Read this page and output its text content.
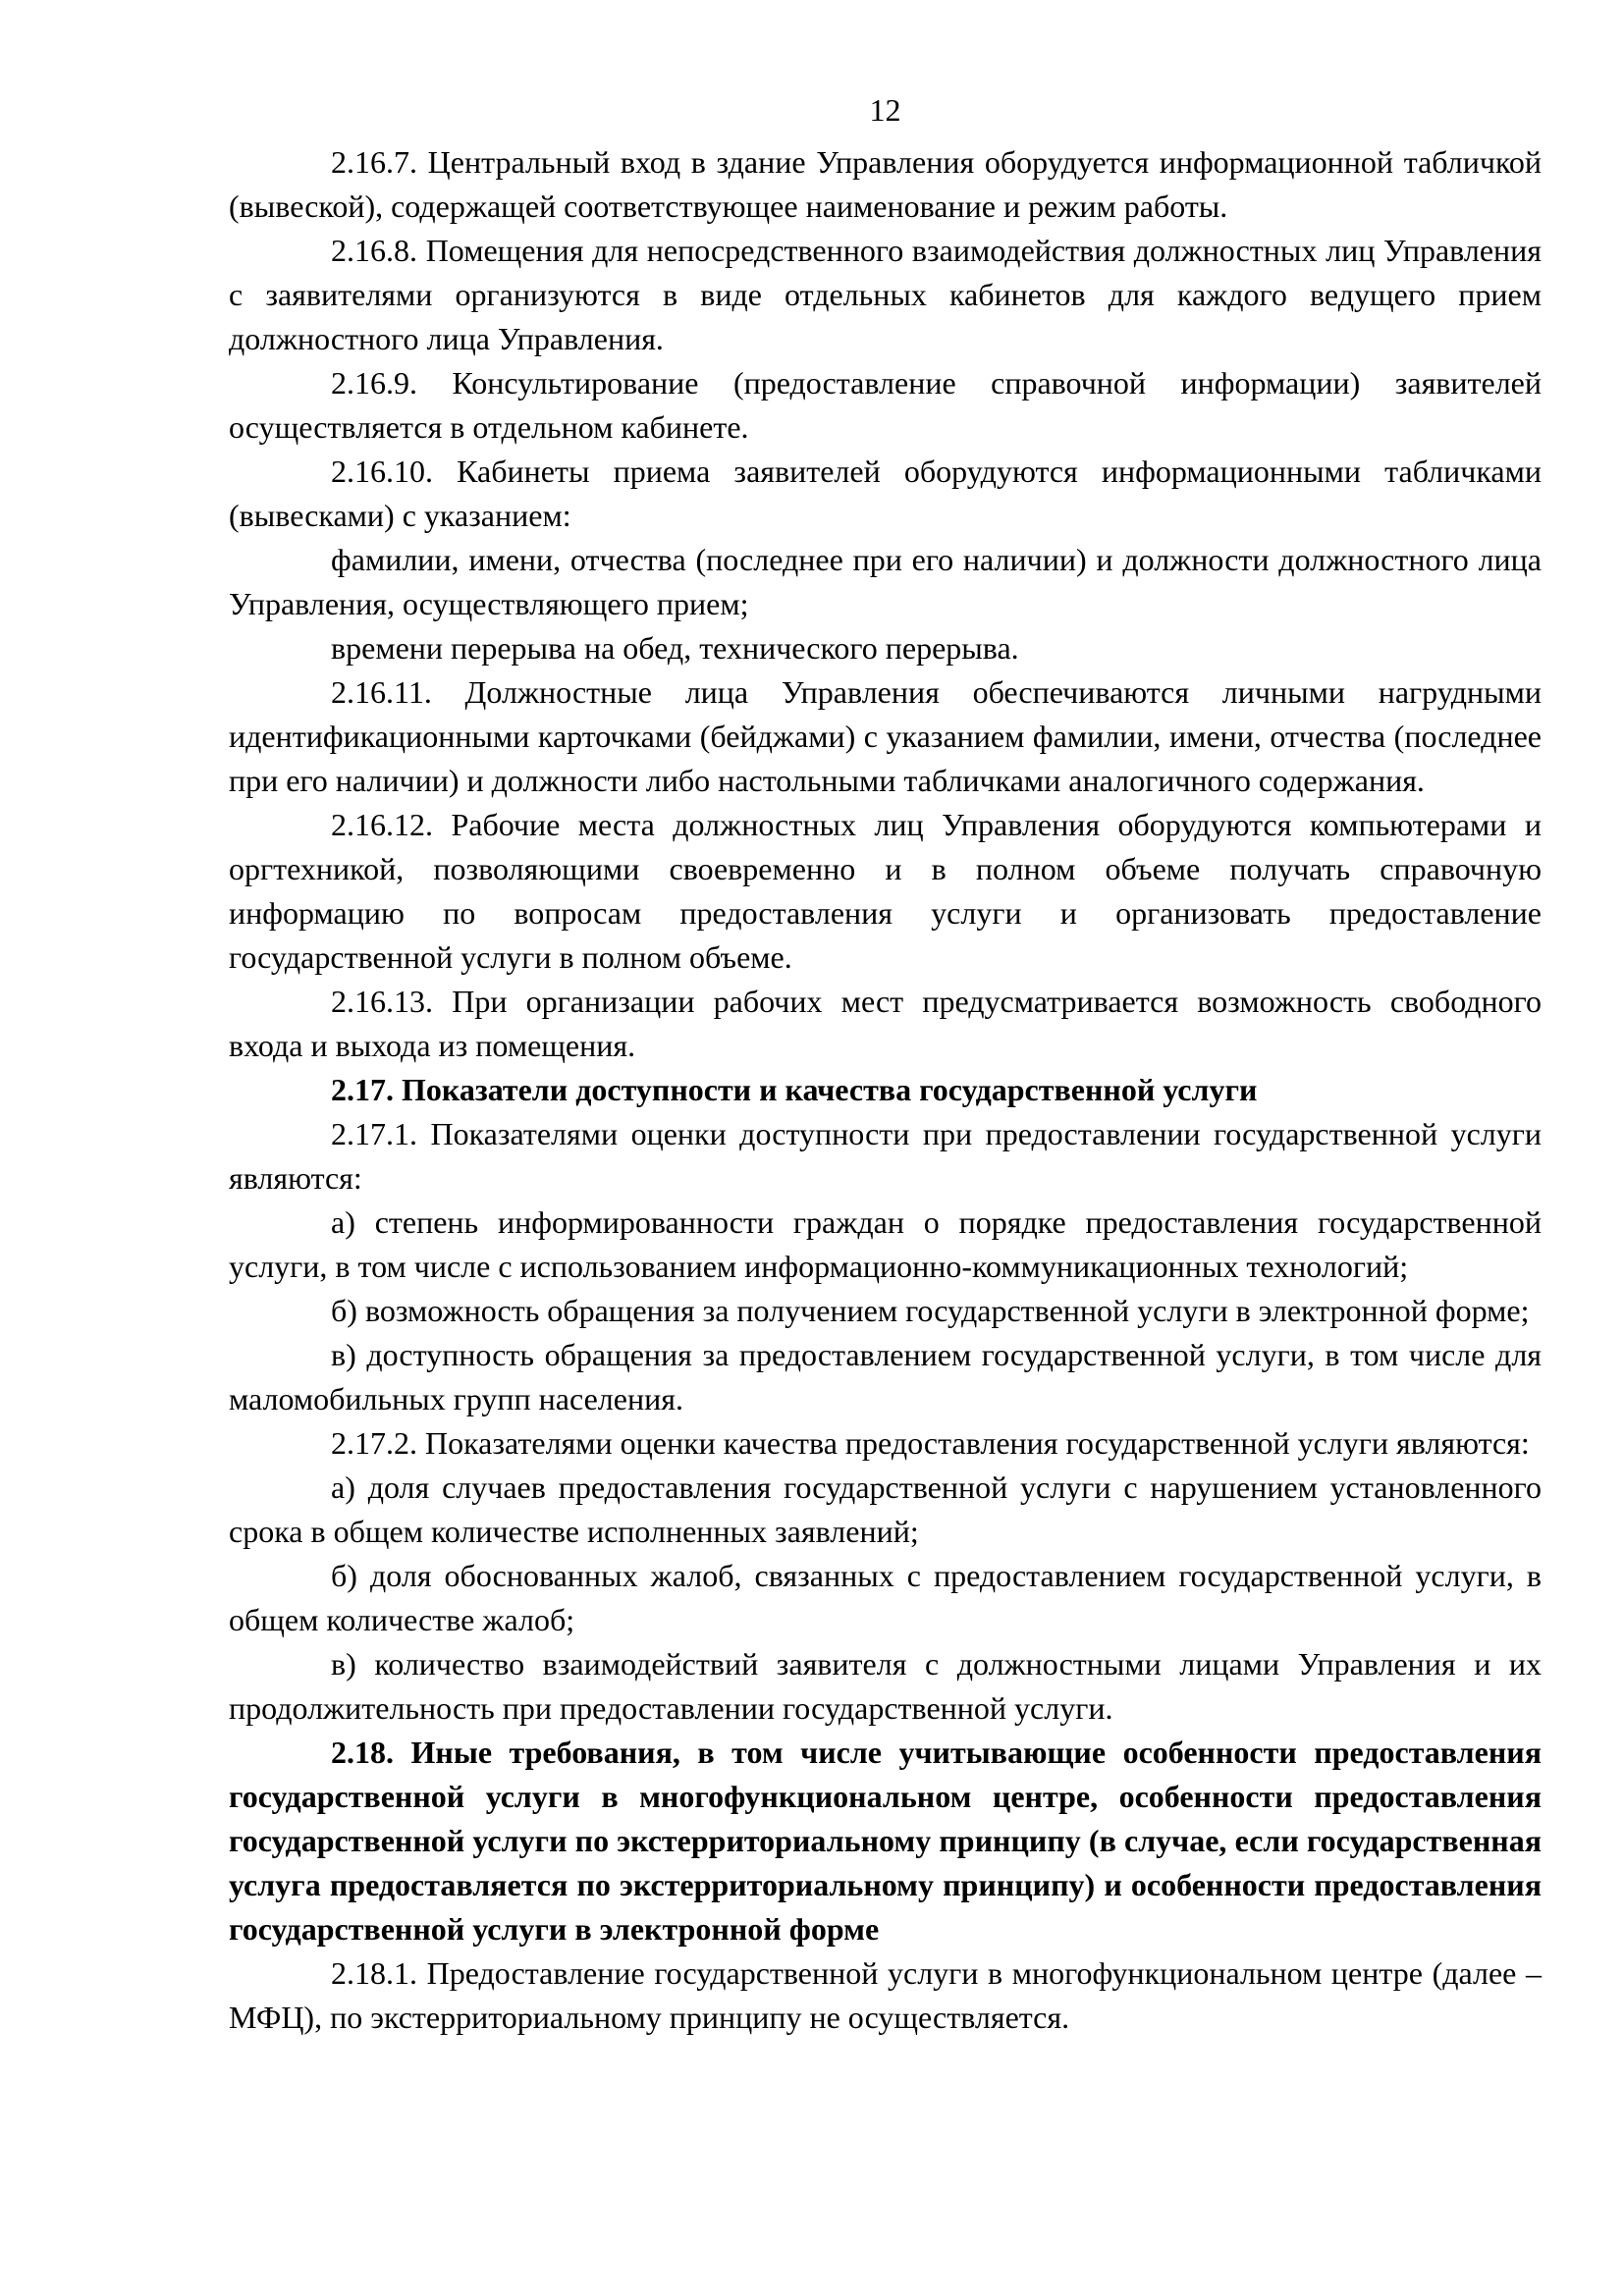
12

2.16.7. Центральный вход в здание Управления оборудуется информационной табличкой (вывеской), содержащей соответствующее наименование и режим работы.

2.16.8. Помещения для непосредственного взаимодействия должностных лиц Управления с заявителями организуются в виде отдельных кабинетов для каждого ведущего прием должностного лица Управления.

2.16.9. Консультирование (предоставление справочной информации) заявителей осуществляется в отдельном кабинете.

2.16.10. Кабинеты приема заявителей оборудуются информационными табличками (вывесками) с указанием:

фамилии, имени, отчества (последнее при его наличии) и должности должностного лица Управления, осуществляющего прием;

времени перерыва на обед, технического перерыва.

2.16.11. Должностные лица Управления обеспечиваются личными нагрудными идентификационными карточками (бейджами) с указанием фамилии, имени, отчества (последнее при его наличии) и должности либо настольными табличками аналогичного содержания.

2.16.12. Рабочие места должностных лиц Управления оборудуются компьютерами и оргтехникой, позволяющими своевременно и в полном объеме получать справочную информацию по вопросам предоставления услуги и организовать предоставление государственной услуги в полном объеме.

2.16.13. При организации рабочих мест предусматривается возможность свободного входа и выхода из помещения.

2.17. Показатели доступности и качества государственной услуги

2.17.1. Показателями оценки доступности при предоставлении государственной услуги являются:

а) степень информированности граждан о порядке предоставления государственной услуги, в том числе с использованием информационно-коммуникационных технологий;

б) возможность обращения за получением государственной услуги в электронной форме;

в) доступность обращения за предоставлением государственной услуги, в том числе для маломобильных групп населения.

2.17.2. Показателями оценки качества предоставления государственной услуги являются:

а) доля случаев предоставления государственной услуги с нарушением установленного срока в общем количестве исполненных заявлений;

б) доля обоснованных жалоб, связанных с предоставлением государственной услуги, в общем количестве жалоб;

в) количество взаимодействий заявителя с должностными лицами Управления и их продолжительность при предоставлении государственной услуги.

2.18. Иные требования, в том числе учитывающие особенности предоставления государственной услуги в многофункциональном центре, особенности предоставления государственной услуги по экстерриториальному принципу (в случае, если государственная услуга предоставляется по экстерриториальному принципу) и особенности предоставления государственной услуги в электронной форме

2.18.1. Предоставление государственной услуги в многофункциональном центре (далее – МФЦ), по экстерриториальному принципу не осуществляется.
